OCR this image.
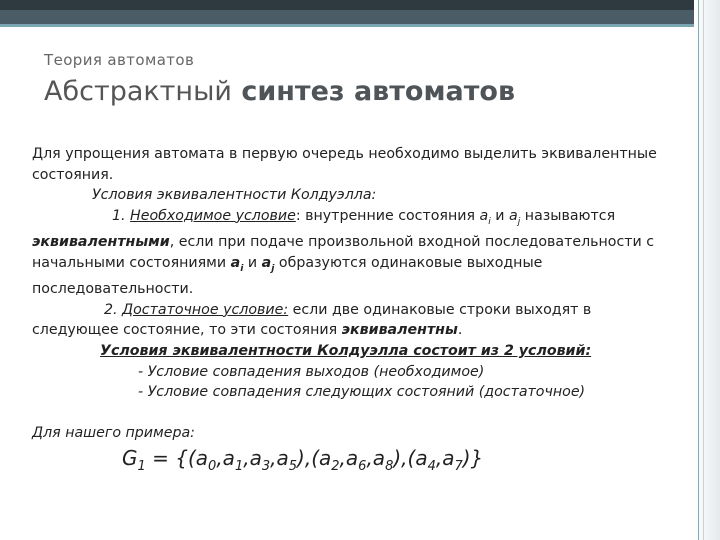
Теория автоматов
Абстрактный синтез автоматов

Для упрощения автомата в первую очередь необходимо выделить эквивалентные состояния.

Условия эквивалентности Колдуэлла:

1. Необходимое условие: внутренние состояния $a_i$ и $a_j$ называются эквивалентными, если при подаче произвольной входной последовательности с начальными состояниями $a_i$ и $a_j$ образуются одинаковые выходные последовательности.

2. Достаточное условие: если две одинаковые строки выходят в следующее состояние, то эти состояния эквивалентны.

Условия эквивалентности Колдуэлла состоит из 2 условий:

- Условие совпадения выходов (необходимое)

- Условие совпадения следующих состояний (достаточное)

Для нашего примера:

$G_1 = \{(a_0,a_1,a_3,a_5),(a_2,a_6,a_8),(a_4,a_7)\}$
